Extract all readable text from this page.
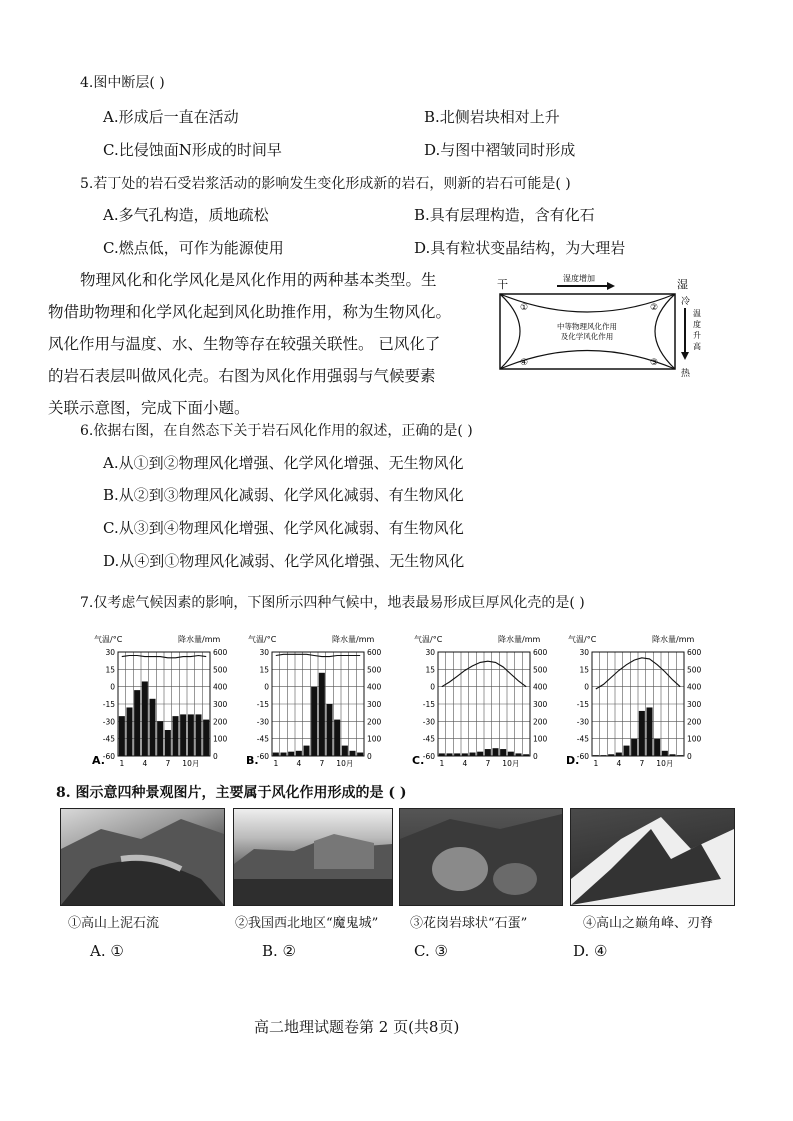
4.图中断层( )
A.形成后一直在活动	B.北侧岩块相对上升
C.比侵蚀面N形成的时间早	D.与图中褶皱同时形成
5.若丁处的岩石受岩浆活动的影响发生变化形成新的岩石，则新的岩石可能是( )
A.多气孔构造，质地疏松	B.具有层理构造，含有化石
C.燃点低，可作为能源使用	D.具有粒状变晶结构，为大理岩
物理风化和化学风化是风化作用的两种基本类型。生
物借助物理和化学风化起到风化助推作用，称为生物风化。
风化作用与温度、水、生物等存在较强关联性。 已风化了
的岩石表层叫做风化壳。右图为风化作用强弱与气候要素
关联示意图，完成下面小题。
干	湿度增加	湿
中等物理风化作用
及化学风化作用
①	②
③
④
冷
温
度
升
高
热
6.依据右图，在自然态下关于岩石风化作用的叙述，正确的是( )
A.从①到②物理风化增强、化学风化增强、无生物风化
B.从②到③物理风化减弱、化学风化减弱、有生物风化
C.从③到④物理风化增强、化学风化减弱、有生物风化
D.从④到①物理风化减弱、化学风化增强、无生物风化
7.仅考虑气候因素的影响，下图所示四种气候中，地表最易形成巨厚风化壳的是( )
气温/°C	降水量/mm
30	600
15	500
0	400
-15	300
-30	200
-45	100
-60	0
1 4 7 10月
A.
气温/°C	降水量/mm
30	600
15	500
0	400
-15	300
-30	200
-45	100
-60	0
1 4 7 10月
B.
气温/°C	降水量/mm
30	600
15	500
0	400
-15	300
-30	200
-45	100
-60	0
1 4 7 10月
C.
气温/°C	降水量/mm
30	600
15	500
0	400
-15	300
-30	200
-45	100
-60	0
1 4 7 10月
D.
8. 图示意四种景观图片，主要属于风化作用形成的是 ( )
①高山上泥石流	②我国西北地区“魔鬼城” ③花岗岩球状“石蛋”	④高山之巅角峰、刃脊
A. ①	B. ②	C. ③	D. ④
高二地理试题卷第 2 页(共8页)
